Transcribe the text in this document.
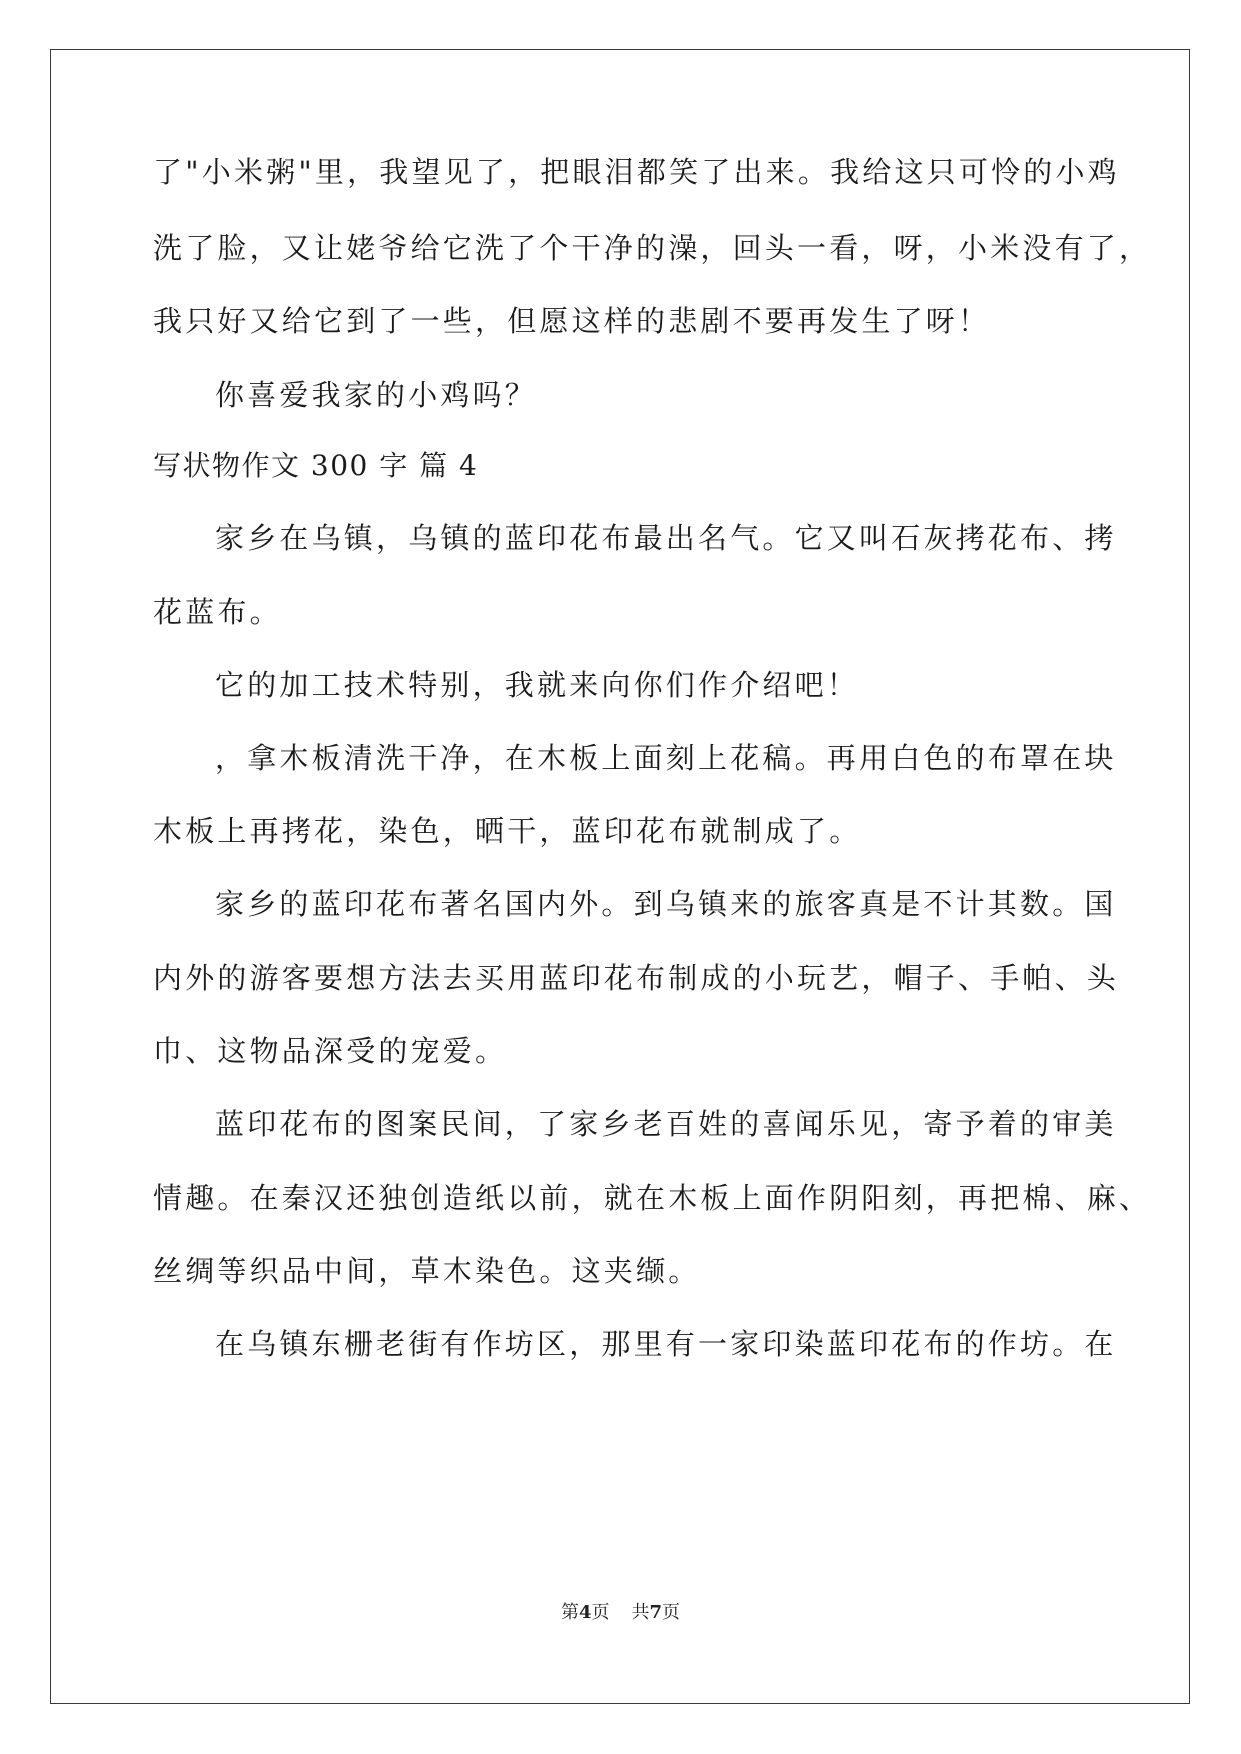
了"小米粥"里，我望见了，把眼泪都笑了出来。我给这只可怜的小鸡
洗了脸，又让姥爷给它洗了个干净的澡，回头一看，呀，小米没有了，
我只好又给它到了一些，但愿这样的悲剧不要再发生了呀！
你喜爱我家的小鸡吗？
写状物作文 300 字 篇 4
家乡在乌镇，乌镇的蓝印花布最出名气。它又叫石灰拷花布、拷
花蓝布。
它的加工技术特别，我就来向你们作介绍吧！
，拿木板清洗干净，在木板上面刻上花稿。再用白色的布罩在块
木板上再拷花，染色，晒干，蓝印花布就制成了。
家乡的蓝印花布著名国内外。到乌镇来的旅客真是不计其数。国
内外的游客要想方法去买用蓝印花布制成的小玩艺，帽子、手帕、头
巾、这物品深受的宠爱。
蓝印花布的图案民间，了家乡老百姓的喜闻乐见，寄予着的审美
情趣。在秦汉还独创造纸以前，就在木板上面作阴阳刻，再把棉、麻、
丝绸等织品中间，草木染色。这夹缬。
在乌镇东栅老街有作坊区，那里有一家印染蓝印花布的作坊。在
第4页 共7页
